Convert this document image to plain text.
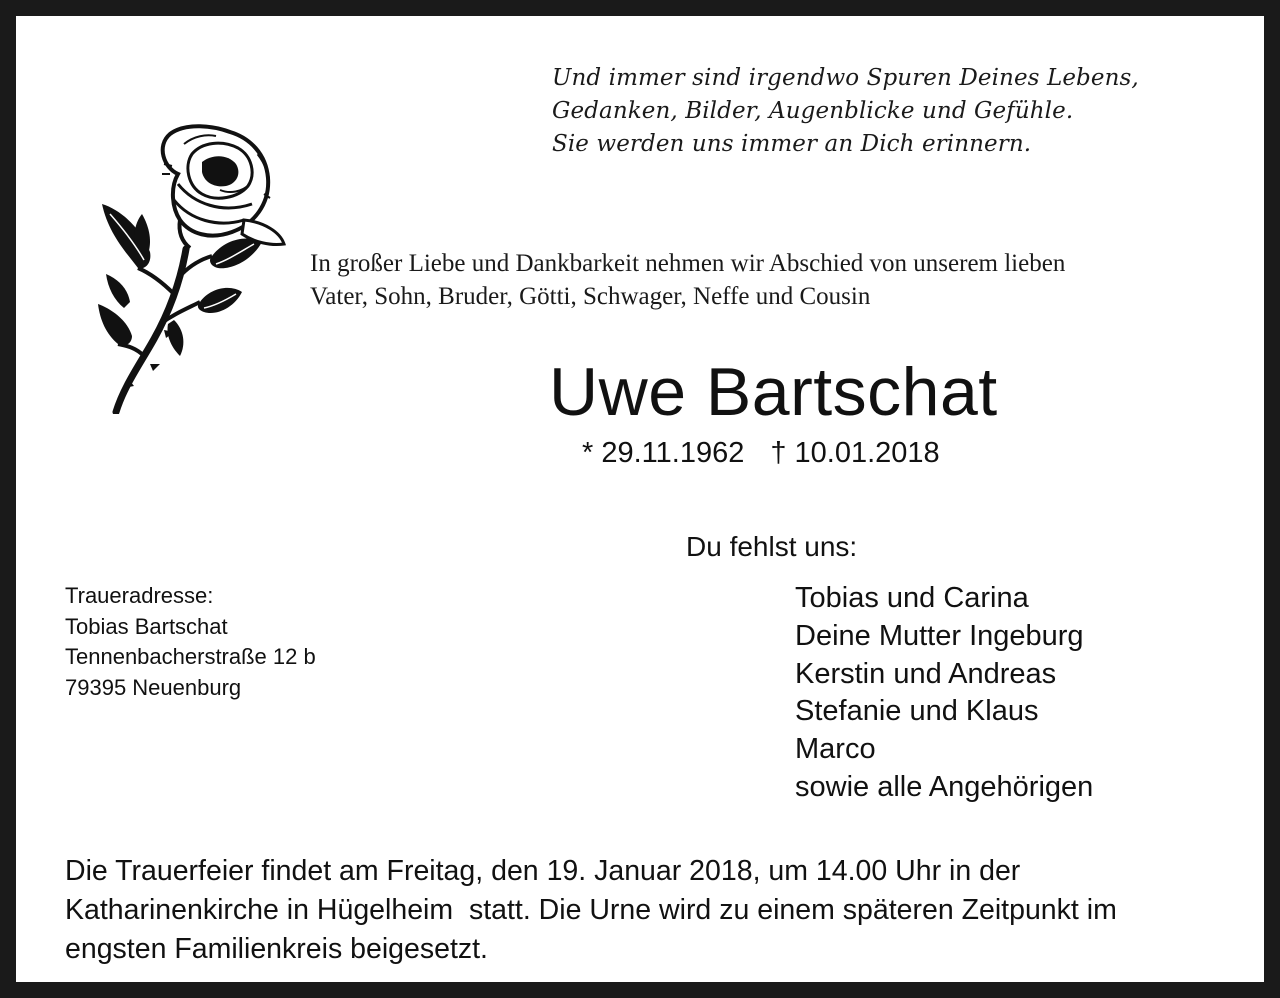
Und immer sind irgendwo Spuren Deines Lebens,
Gedanken, Bilder, Augenblicke und Gefühle.
Sie werden uns immer an Dich erinnern.
In großer Liebe und Dankbarkeit nehmen wir Abschied von unserem lieben
Vater, Sohn, Bruder, Götti, Schwager, Neffe und Cousin
Uwe Bartschat
* 29.11.1962 † 10.01.2018
Du fehlst uns:
Traueradresse:
Tobias Bartschat
Tennenbacherstraße 12 b
79395 Neuenburg
Tobias und Carina
Deine Mutter Ingeburg
Kerstin und Andreas
Stefanie und Klaus
Marco
sowie alle Angehörigen
Die Trauerfeier findet am Freitag, den 19. Januar 2018, um 14.00 Uhr in der
Katharinenkirche in Hügelheim  statt. Die Urne wird zu einem späteren Zeitpunkt im
engsten Familienkreis beigesetzt.
